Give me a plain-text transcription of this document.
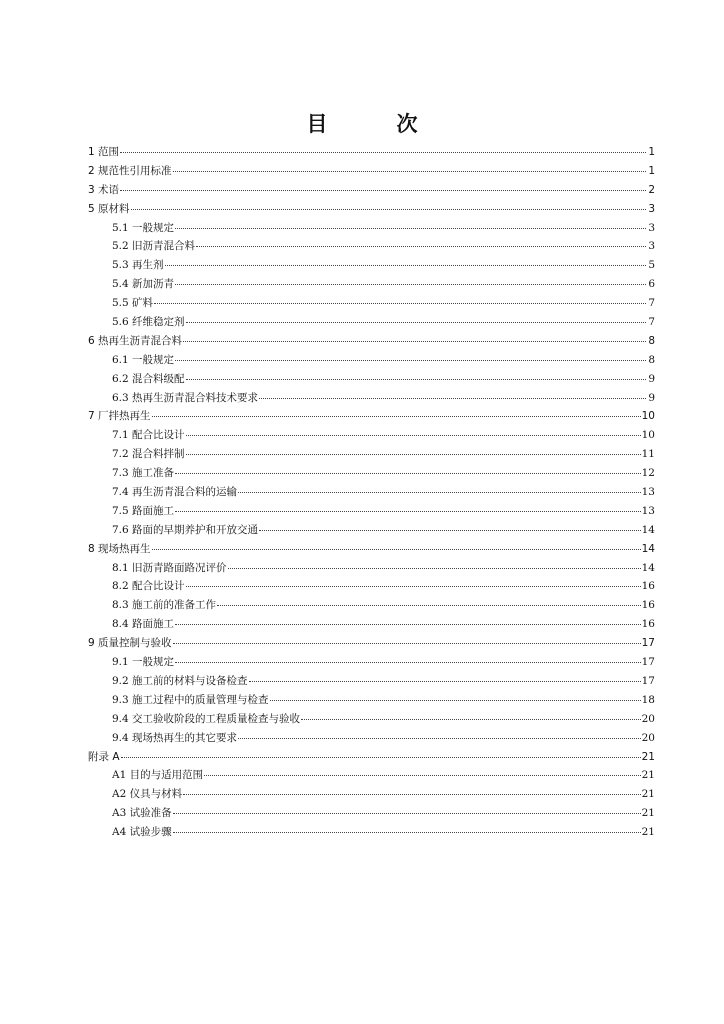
目　次
1 范围	1
2 规范性引用标准	1
3 术语	2
5 原材料	3
5.1 一般规定	3
5.2 旧沥青混合料	3
5.3 再生剂	5
5.4 新加沥青	6
5.5 矿料	7
5.6 纤维稳定剂	7
6 热再生沥青混合料	8
6.1 一般规定	8
6.2 混合料级配	9
6.3 热再生沥青混合料技术要求	9
7 厂拌热再生	10
7.1 配合比设计	10
7.2 混合料拌制	11
7.3 施工准备	12
7.4 再生沥青混合料的运输	13
7.5 路面施工	13
7.6 路面的早期养护和开放交通	14
8 现场热再生	14
8.1 旧沥青路面路况评价	14
8.2 配合比设计	16
8.3 施工前的准备工作	16
8.4 路面施工	16
9 质量控制与验收	17
9.1 一般规定	17
9.2 施工前的材料与设备检查	17
9.3 施工过程中的质量管理与检查	18
9.4 交工验收阶段的工程质量检查与验收	20
9.4 现场热再生的其它要求	20
附录 A	21
A1 目的与适用范围	21
A2 仪具与材料	21
A3 试验准备	21
A4 试验步骤	21
